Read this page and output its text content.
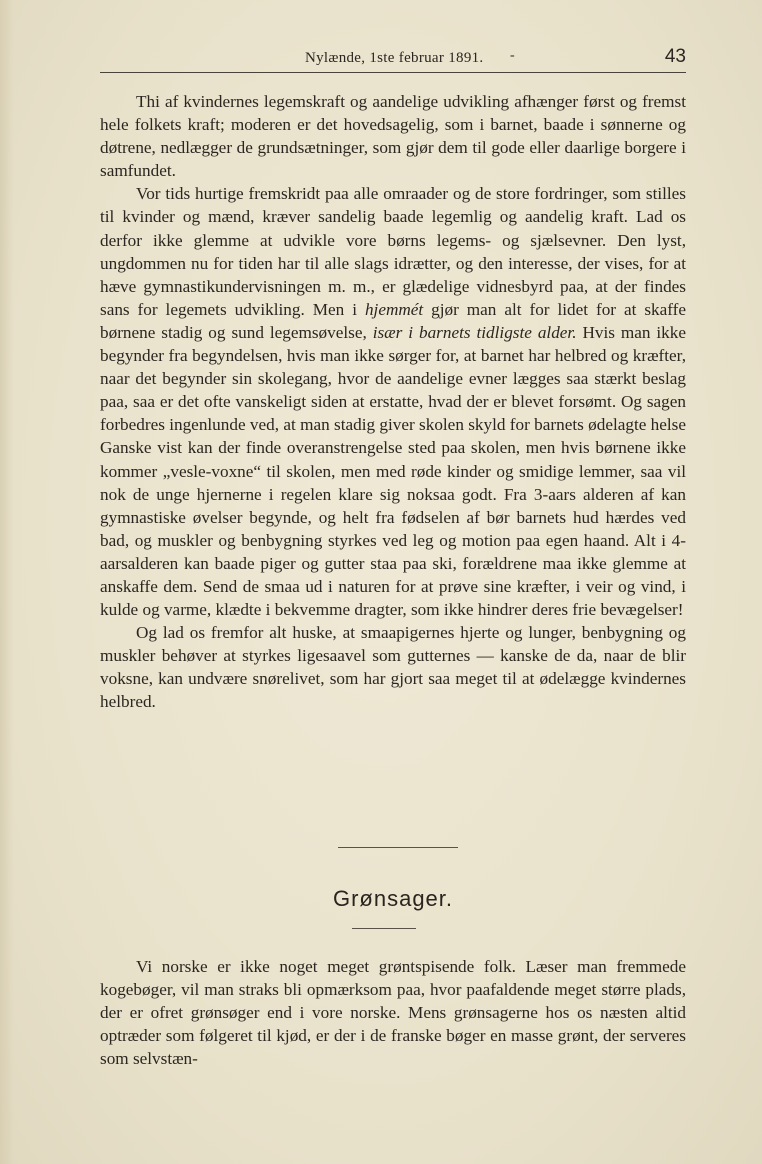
Nylænde, 1ste februar 1891. -	43

Thi af kvindernes legemskraft og aandelige udvikling afhænger først og fremst hele folkets kraft; moderen er det hovedsagelig, som i barnet, baade i sønnerne og døtrene, nedlægger de grundsætninger, som gjør dem til gode eller daarlige borgere i samfundet.

Vor tids hurtige fremskridt paa alle omraader og de store fordringer, som stilles til kvinder og mænd, kræver sandelig baade legemlig og aandelig kraft. Lad os derfor ikke glemme at udvikle vore børns legems- og sjælsevner. Den lyst, ungdommen nu for tiden har til alle slags idrætter, og den interesse, der vises, for at hæve gymnastikundervisningen m. m., er glædelige vidnesbyrd paa, at der findes sans for legemets udvikling. Men i hjemmét gjør man alt for lidet for at skaffe børnene stadig og sund legemsøvelse, især i barnets tidligste alder. Hvis man ikke begynder fra begyndelsen, hvis man ikke sørger for, at barnet har helbred og kræfter, naar det begynder sin skolegang, hvor de aandelige evner lægges saa stærkt beslag paa, saa er det ofte vanskeligt siden at erstatte, hvad der er blevet forsømt. Og sagen forbedres ingenlunde ved, at man stadig giver skolen skyld for barnets ødelagte helse Ganske vist kan der finde overanstrengelse sted paa skolen, men hvis børnene ikke kommer „vesle-voxne“ til skolen, men med røde kinder og smidige lemmer, saa vil nok de unge hjernerne i regelen klare sig noksaa godt. Fra 3-aars alderen af kan gymnastiske øvelser begynde, og helt fra fødselen af bør barnets hud hærdes ved bad, og muskler og benbygning styrkes ved leg og motion paa egen haand. Alt i 4-aarsalderen kan baade piger og gutter staa paa ski, forældrene maa ikke glemme at anskaffe dem. Send de smaa ud i naturen for at prøve sine kræfter, i veir og vind, i kulde og varme, klædte i bekvemme dragter, som ikke hindrer deres frie bevægelser!

Og lad os fremfor alt huske, at smaapigernes hjerte og lunger, benbygning og muskler behøver at styrkes ligesaavel som gutternes — kanske de da, naar de blir voksne, kan undvære snørelivet, som har gjort saa meget til at ødelægge kvindernes helbred.

Grønsager.

Vi norske er ikke noget meget grøntspisende folk. Læser man fremmede kogebøger, vil man straks bli opmærksom paa, hvor paafaldende meget større plads, der er ofret grønsøger end i vore norske. Mens grønsagerne hos os næsten altid optræder som følgeret til kjød, er der i de franske bøger en masse grønt, der serveres som selvstæn-
